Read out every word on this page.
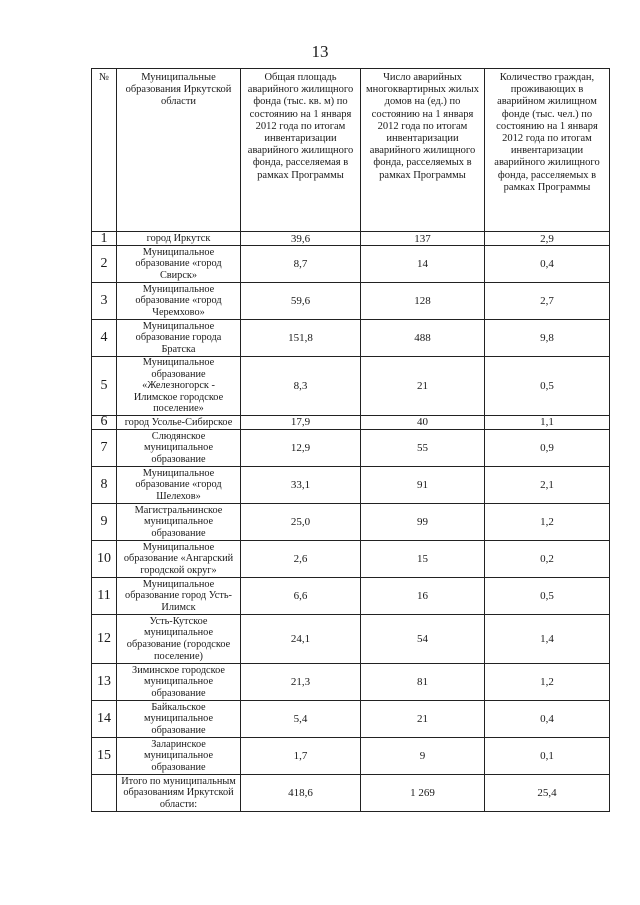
13
№	Муниципальные образования Иркутской области	Общая площадь аварийного жилищного фонда (тыс. кв. м) по состоянию на 1 января 2012 года по итогам инвентаризации аварийного жилищного фонда, расселяемая в рамках Программы	Число аварийных многоквартирных жилых домов на (ед.) по состоянию на 1 января 2012 года по итогам инвентаризации аварийного жилищного фонда, расселяемых в рамках Программы	Количество граждан, проживающих в аварийном жилищном фонде (тыс. чел.) по состоянию на 1 января 2012 года по итогам инвентаризации аварийного жилищного фонда, расселяемых в рамках Программы
1	город Иркутск	39,6	137	2,9
2	Муниципальное образование «город Свирск»	8,7	14	0,4
3	Муниципальное образование «город Черемхово»	59,6	128	2,7
4	Муниципальное образование города Братска	151,8	488	9,8
5	Муниципальное образование «Железногорск - Илимское городское поселение»	8,3	21	0,5
6	город Усолье-Сибирское	17,9	40	1,1
7	Слюдянское муниципальное образование	12,9	55	0,9
8	Муниципальное образование «город Шелехов»	33,1	91	2,1
9	Магистральнинское муниципальное образование	25,0	99	1,2
10	Муниципальное образование «Ангарский городской округ»	2,6	15	0,2
11	Муниципальное образование город Усть-Илимск	6,6	16	0,5
12	Усть-Кутское муниципальное образование (городское поселение)	24,1	54	1,4
13	Зиминское городское муниципальное образование	21,3	81	1,2
14	Байкальское муниципальное образование	5,4	21	0,4
15	Заларинское муниципальное образование	1,7	9	0,1
	Итого по муниципальным образованиям Иркутской области:	418,6	1 269	25,4
